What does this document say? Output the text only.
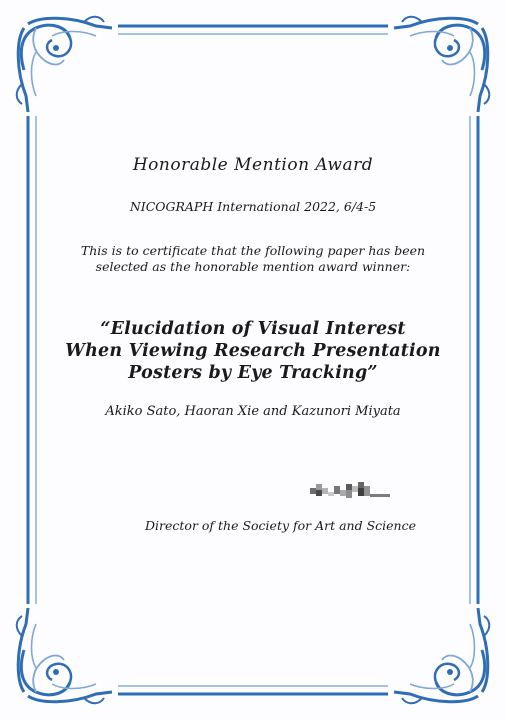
Honorable Mention Award
NICOGRAPH International 2022, 6/4-5
This is to certificate that the following paper has been
selected as the honorable mention award winner:
“Elucidation of Visual Interest
When Viewing Research Presentation
Posters by Eye Tracking”
Akiko Sato, Haoran Xie and Kazunori Miyata
Director of the Society for Art and Science
